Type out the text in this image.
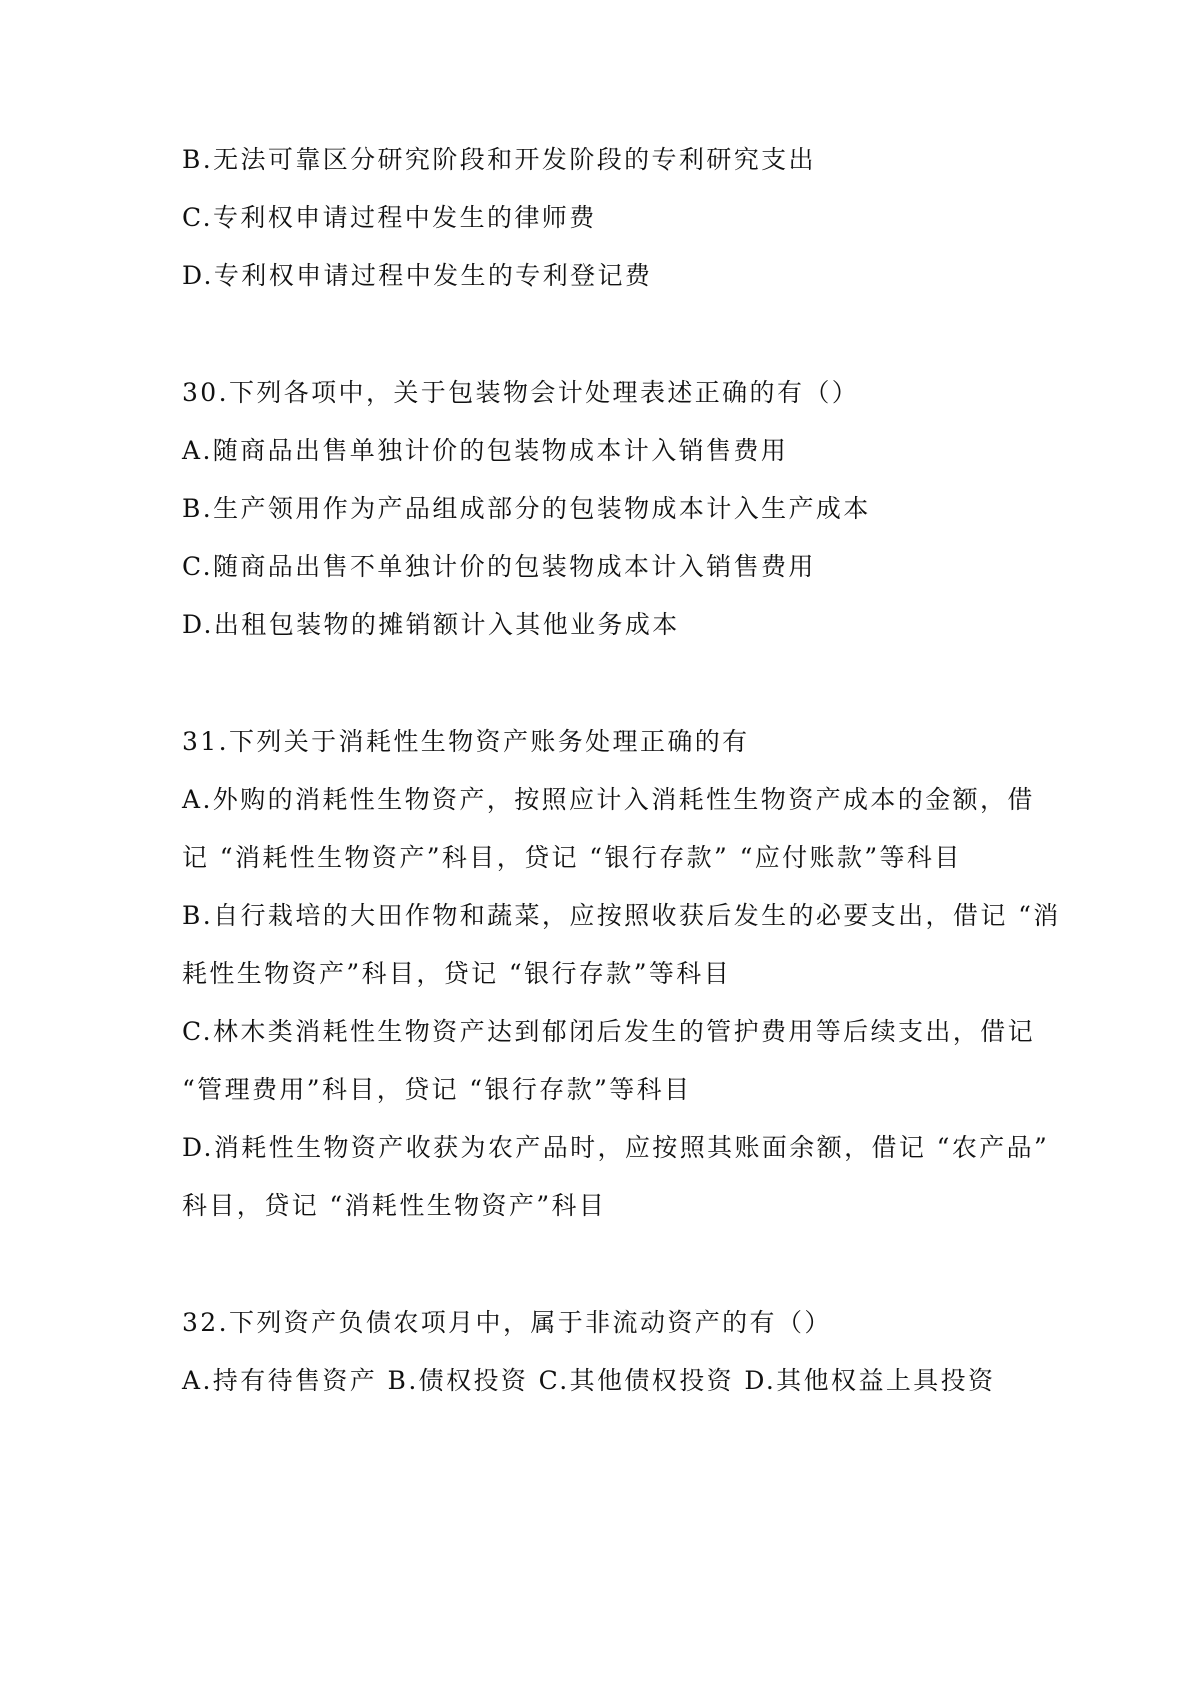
B.无法可靠区分研究阶段和开发阶段的专利研究支出
C.专利权申请过程中发生的律师费
D.专利权申请过程中发生的专利登记费
30.下列各项中，关于包装物会计处理表述正确的有（）
A.随商品出售单独计价的包装物成本计入销售费用
B.生产领用作为产品组成部分的包装物成本计入生产成本
C.随商品出售不单独计价的包装物成本计入销售费用
D.出租包装物的摊销额计入其他业务成本
31.下列关于消耗性生物资产账务处理正确的有
A.外购的消耗性生物资产，按照应计入消耗性生物资产成本的金额，借
记 “消耗性生物资产”科目，贷记 “银行存款” “应付账款”等科目
B.自行栽培的大田作物和蔬菜，应按照收获后发生的必要支出，借记 “消
耗性生物资产”科目，贷记 “银行存款”等科目
C.林木类消耗性生物资产达到郁闭后发生的管护费用等后续支出，借记
“管理费用”科目，贷记 “银行存款”等科目
D.消耗性生物资产收获为农产品时，应按照其账面余额，借记 “农产品”
科目，贷记 “消耗性生物资产”科目
32.下列资产负债农项月中，属于非流动资产的有（）
A.持有待售资产 B.债权投资 C.其他债权投资 D.其他权益上具投资
